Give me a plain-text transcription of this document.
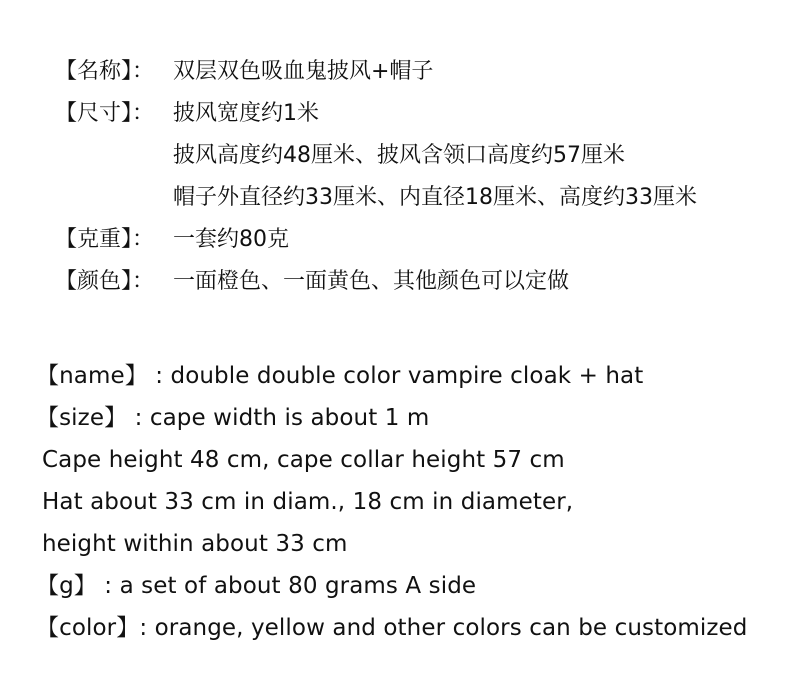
【名称】： 双层双色吸血鬼披风+帽子
【尺寸】： 披风宽度约1米
披风高度约48厘米、披风含领口高度约57厘米
帽子外直径约33厘米、内直径18厘米、高度约33厘米
【克重】： 一套约80克
【颜色】： 一面橙色、一面黄色、其他颜色可以定做
【name】 : double double color vampire cloak + hat
【size】 : cape width is about 1 m
Cape height 48 cm, cape collar height 57 cm
Hat about 33 cm in diam., 18 cm in diameter,
height within about 33 cm
【g】 : a set of about 80 grams A side
【color】: orange, yellow and other colors can be customized
